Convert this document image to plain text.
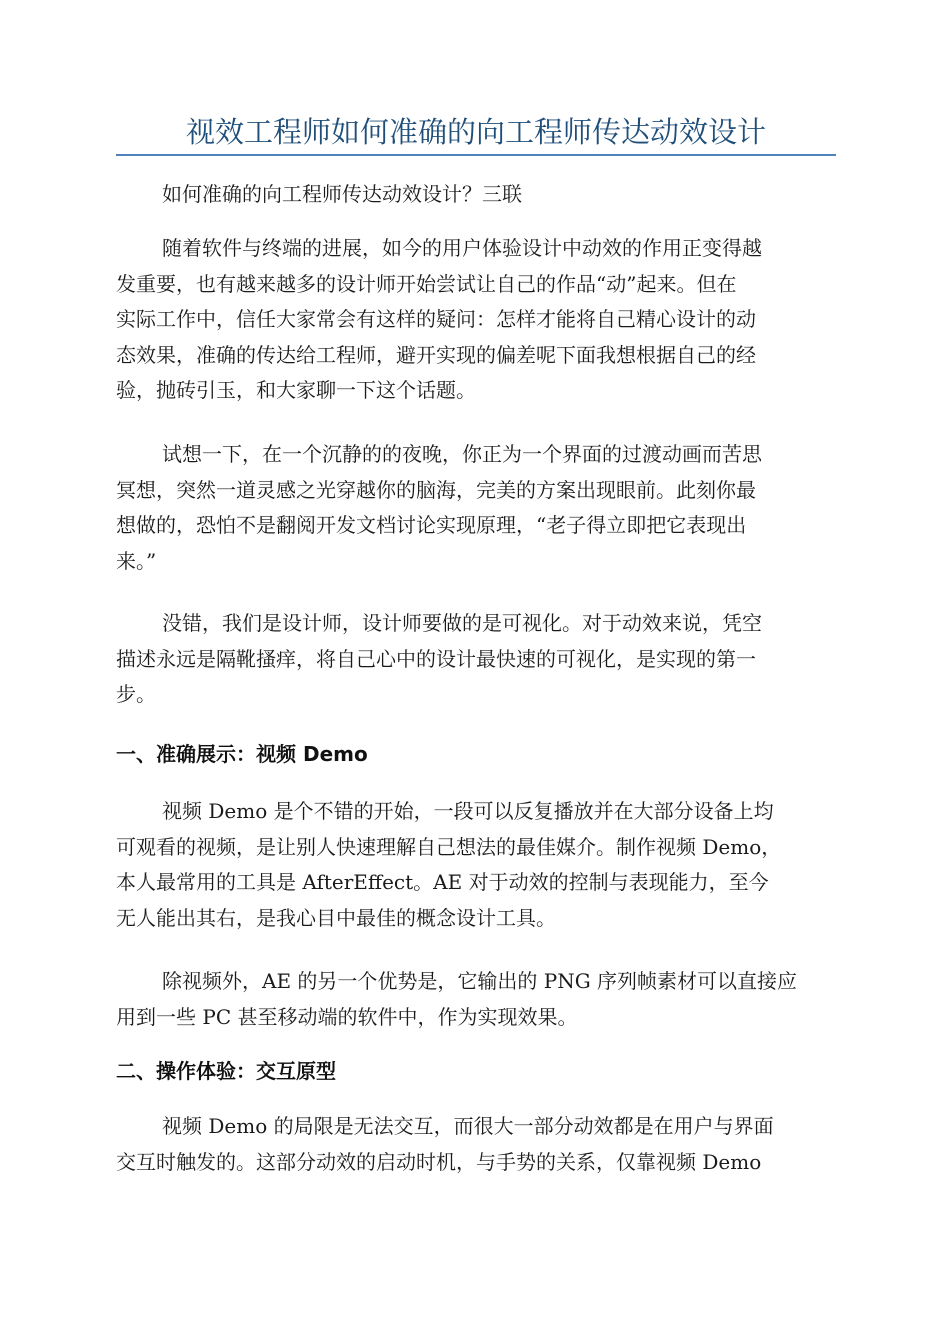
视效工程师如何准确的向工程师传达动效设计

如何准确的向工程师传达动效设计？三联

随着软件与终端的进展，如今的用户体验设计中动效的作用正变得越
发重要，也有越来越多的设计师开始尝试让自己的作品“动”起来。但在
实际工作中，信任大家常会有这样的疑问：怎样才能将自己精心设计的动
态效果，准确的传达给工程师，避开实现的偏差呢下面我想根据自己的经
验，抛砖引玉，和大家聊一下这个话题。

试想一下，在一个沉静的的夜晚，你正为一个界面的过渡动画而苦思
冥想，突然一道灵感之光穿越你的脑海，完美的方案出现眼前。此刻你最
想做的，恐怕不是翻阅开发文档讨论实现原理，“老子得立即把它表现出
来。”

没错，我们是设计师，设计师要做的是可视化。对于动效来说，凭空
描述永远是隔靴搔痒，将自己心中的设计最快速的可视化，是实现的第一
步。

一、准确展示：视频 Demo

视频 Demo 是个不错的开始，一段可以反复播放并在大部分设备上均
可观看的视频，是让别人快速理解自己想法的最佳媒介。制作视频 Demo，
本人最常用的工具是 AfterEffect。AE 对于动效的控制与表现能力，至今
无人能出其右，是我心目中最佳的概念设计工具。

除视频外，AE 的另一个优势是，它输出的 PNG 序列帧素材可以直接应
用到一些 PC 甚至移动端的软件中，作为实现效果。

二、操作体验：交互原型

视频 Demo 的局限是无法交互，而很大一部分动效都是在用户与界面
交互时触发的。这部分动效的启动时机，与手势的关系，仅靠视频 Demo
